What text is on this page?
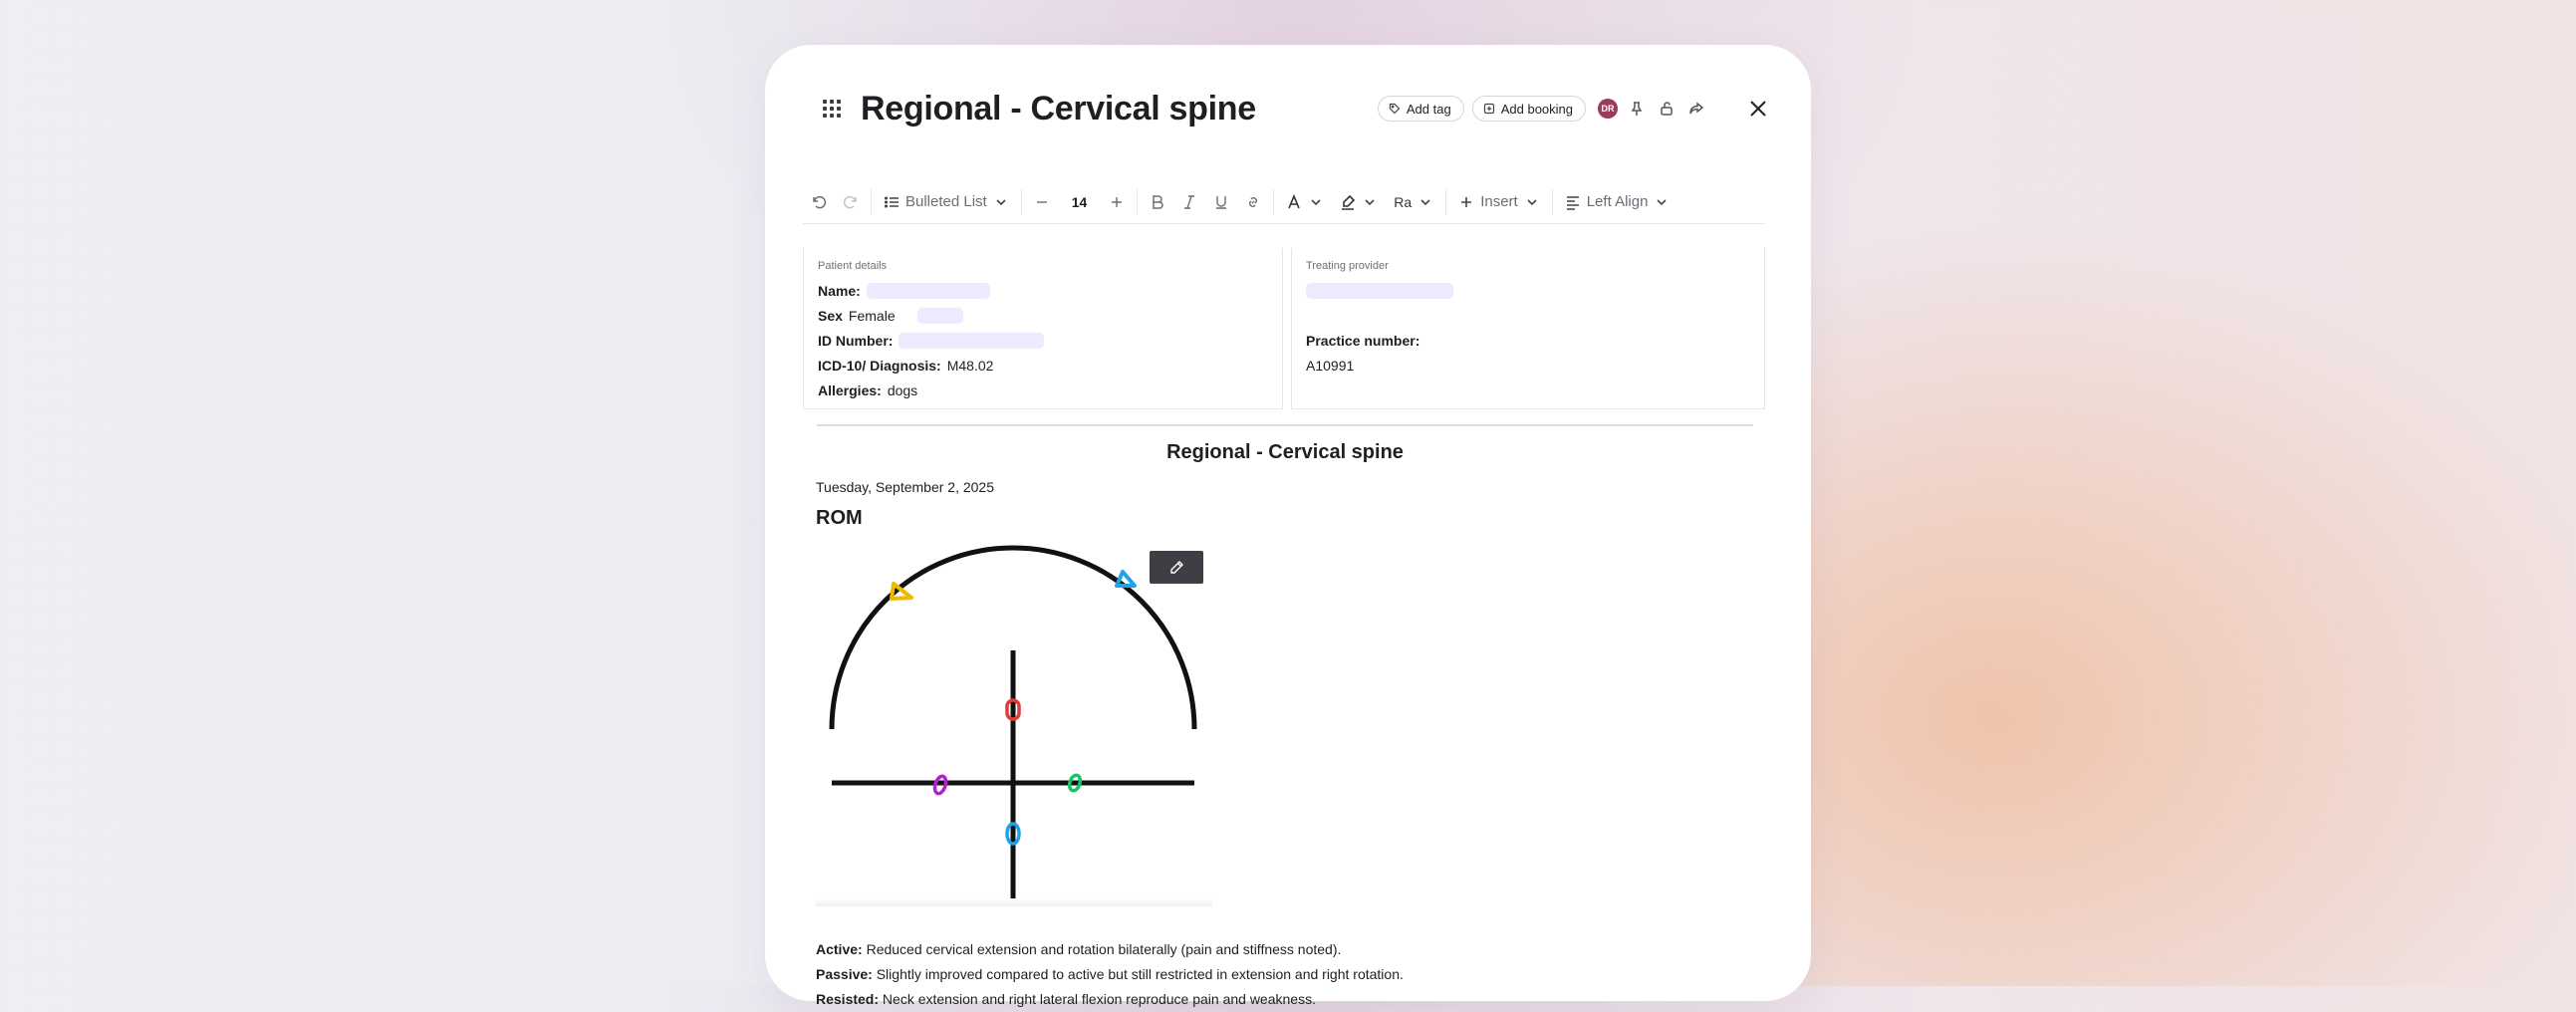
Regional - Cervical spine	Add tag	Add booking	DR
Bulleted List	14	Ra	Insert	Left Align
Patient details
Name:
Sex Female
ID Number:
ICD-10/ Diagnosis: M48.02
Allergies: dogs
Treating provider
Practice number:
A10991
Regional - Cervical spine
Tuesday, September 2, 2025
ROM
Active: Reduced cervical extension and rotation bilaterally (pain and stiffness noted).
Passive: Slightly improved compared to active but still restricted in extension and right rotation.
Resisted: Neck extension and right lateral flexion reproduce pain and weakness.
